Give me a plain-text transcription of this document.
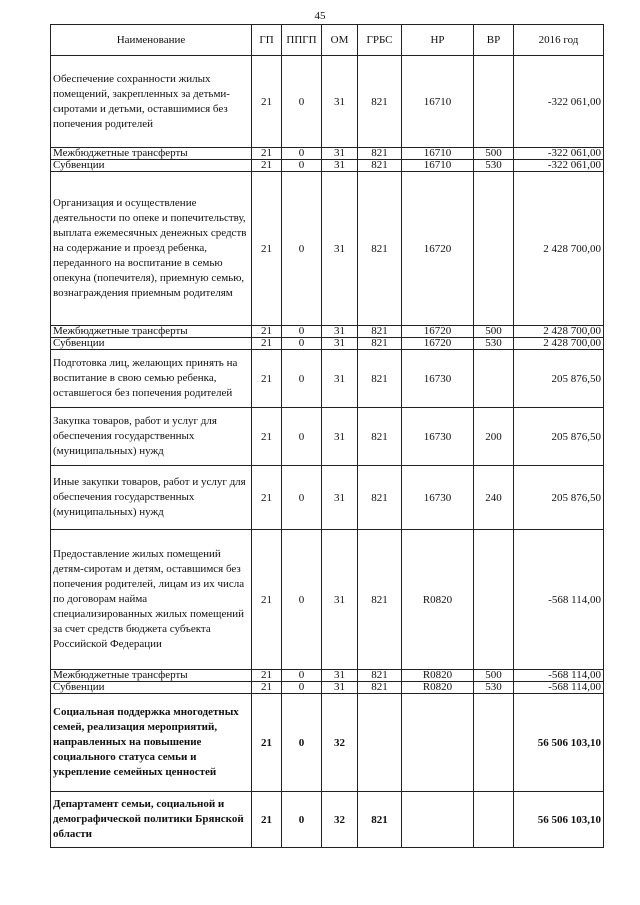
45
Наименование	ГП	ППГП	ОМ	ГРБС	НР	ВР	2016 год
Обеспечение сохранности жилых помещений, закрепленных за детьми-сиротами и детьми, оставшимися без попечения родителей	21	0	31	821	16710		-322 061,00
Межбюджетные трансферты	21	0	31	821	16710	500	-322 061,00
Субвенции	21	0	31	821	16710	530	-322 061,00
Организация и осуществление деятельности по опеке и попечительству, выплата ежемесячных денежных средств на содержание и проезд ребенка, переданного на воспитание в семью опекуна (попечителя), приемную семью, вознаграждения приемным родителям	21	0	31	821	16720		2 428 700,00
Межбюджетные трансферты	21	0	31	821	16720	500	2 428 700,00
Субвенции	21	0	31	821	16720	530	2 428 700,00
Подготовка лиц, желающих принять на воспитание в свою семью ребенка, оставшегося без попечения родителей	21	0	31	821	16730		205 876,50
Закупка товаров, работ и услуг для обеспечения государственных (муниципальных) нужд	21	0	31	821	16730	200	205 876,50
Иные закупки товаров, работ и услуг для обеспечения государственных (муниципальных) нужд	21	0	31	821	16730	240	205 876,50
Предоставление жилых помещений детям-сиротам и детям, оставшимся без попечения родителей, лицам из их числа по договорам найма специализированных жилых помещений за счет средств бюджета субъекта Российской Федерации	21	0	31	821	R0820		-568 114,00
Межбюджетные трансферты	21	0	31	821	R0820	500	-568 114,00
Субвенции	21	0	31	821	R0820	530	-568 114,00
Социальная поддержка многодетных семей, реализация мероприятий, направленных на повышение социального статуса семьи и укрепление семейных ценностей	21	0	32				56 506 103,10
Департамент семьи, социальной и демографической политики Брянской области	21	0	32	821			56 506 103,10
